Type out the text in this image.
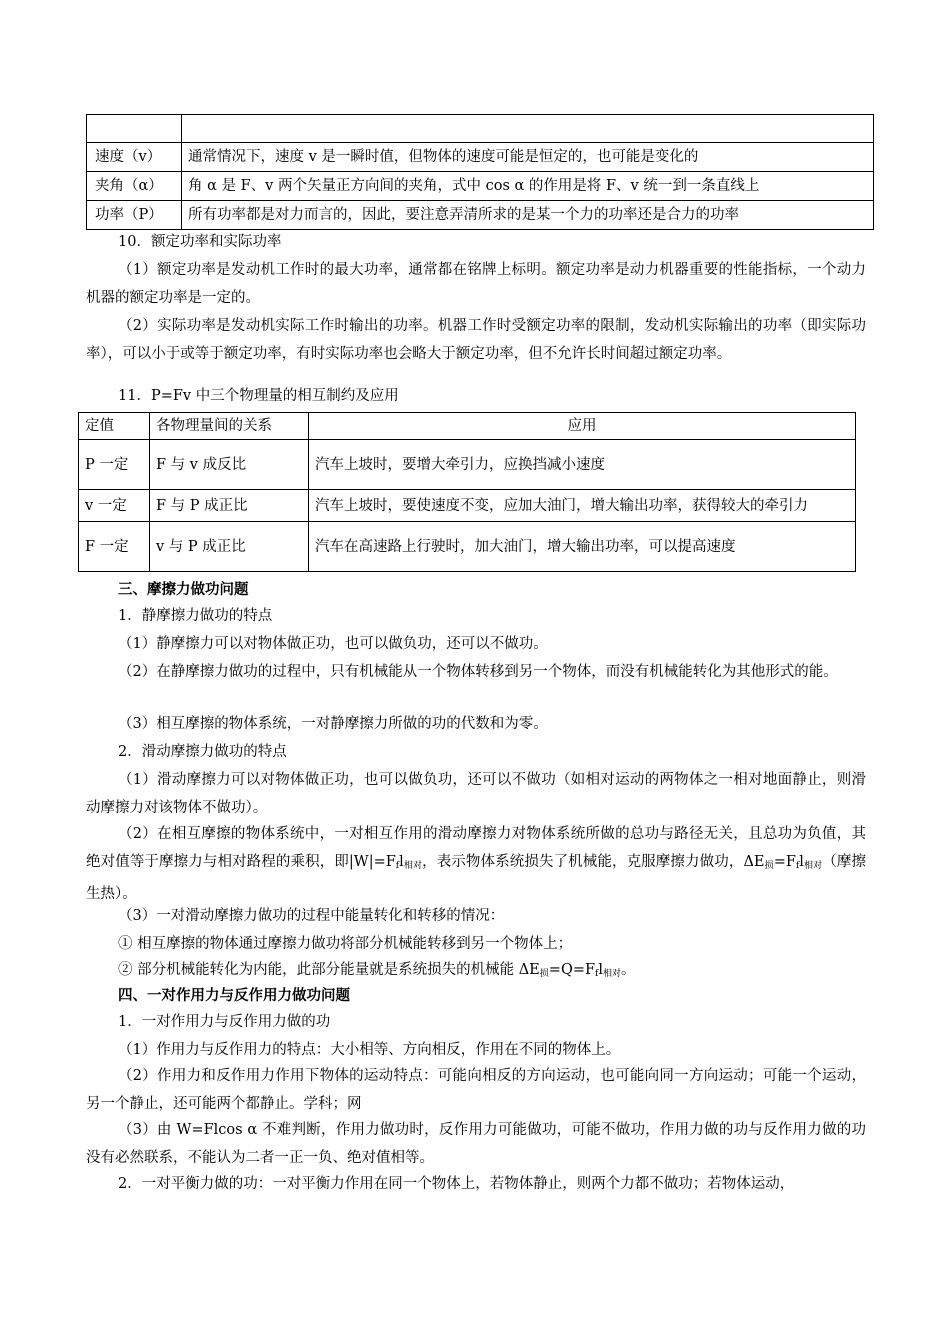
速度（v）	通常情况下，速度 v 是一瞬时值，但物体的速度可能是恒定的，也可能是变化的
夹角（α）	角 α 是 F、v 两个矢量正方向间的夹角，式中 cos α 的作用是将 F、v 统一到一条直线上
功率（P）	所有功率都是对力而言的，因此，要注意弄清所求的是某一个力的功率还是合力的功率
10．额定功率和实际功率
（1）额定功率是发动机工作时的最大功率，通常都在铭牌上标明。额定功率是动力机器重要的性能指标，一个动力机器的额定功率是一定的。
（2）实际功率是发动机实际工作时输出的功率。机器工作时受额定功率的限制，发动机实际输出的功率（即实际功率），可以小于或等于额定功率，有时实际功率也会略大于额定功率，但不允许长时间超过额定功率。
11．P=Fv 中三个物理量的相互制约及应用
定值	各物理量间的关系	应用
P 一定	F 与 v 成反比	汽车上坡时，要增大牵引力，应换挡减小速度
v 一定	F 与 P 成正比	汽车上坡时，要使速度不变，应加大油门，增大输出功率，获得较大的牵引力
F 一定	v 与 P 成正比	汽车在高速路上行驶时，加大油门，增大输出功率，可以提高速度
三、摩擦力做功问题
1．静摩擦力做功的特点
（1）静摩擦力可以对物体做正功，也可以做负功，还可以不做功。
（2）在静摩擦力做功的过程中，只有机械能从一个物体转移到另一个物体，而没有机械能转化为其他形式的能。
（3）相互摩擦的物体系统，一对静摩擦力所做的功的代数和为零。
2．滑动摩擦力做功的特点
（1）滑动摩擦力可以对物体做正功，也可以做负功，还可以不做功（如相对运动的两物体之一相对地面静止，则滑动摩擦力对该物体不做功）。
（2）在相互摩擦的物体系统中，一对相互作用的滑动摩擦力对物体系统所做的总功与路径无关，且总功为负值，其绝对值等于摩擦力与相对路程的乘积，即$|W|=F_fl_{相对}$，表示物体系统损失了机械能，克服摩擦力做功，$\Delta E_损=F_fl_{相对}$（摩擦生热）。
（3）一对滑动摩擦力做功的过程中能量转化和转移的情况：
① 相互摩擦的物体通过摩擦力做功将部分机械能转移到另一个物体上；
② 部分机械能转化为内能，此部分能量就是系统损失的机械能 $\Delta E_损=Q=F_fl_{相对}$。
四、一对作用力与反作用力做功问题
1．一对作用力与反作用力做的功
（1）作用力与反作用力的特点：大小相等、方向相反，作用在不同的物体上。
（2）作用力和反作用力作用下物体的运动特点：可能向相反的方向运动，也可能向同一方向运动；可能一个运动，另一个静止，还可能两个都静止。学科；网
（3）由 W=Flcos α 不难判断，作用力做功时，反作用力可能做功，可能不做功，作用力做的功与反作用力做的功没有必然联系，不能认为二者一正一负、绝对值相等。
2．一对平衡力做的功：一对平衡力作用在同一个物体上，若物体静止，则两个力都不做功；若物体运动，
